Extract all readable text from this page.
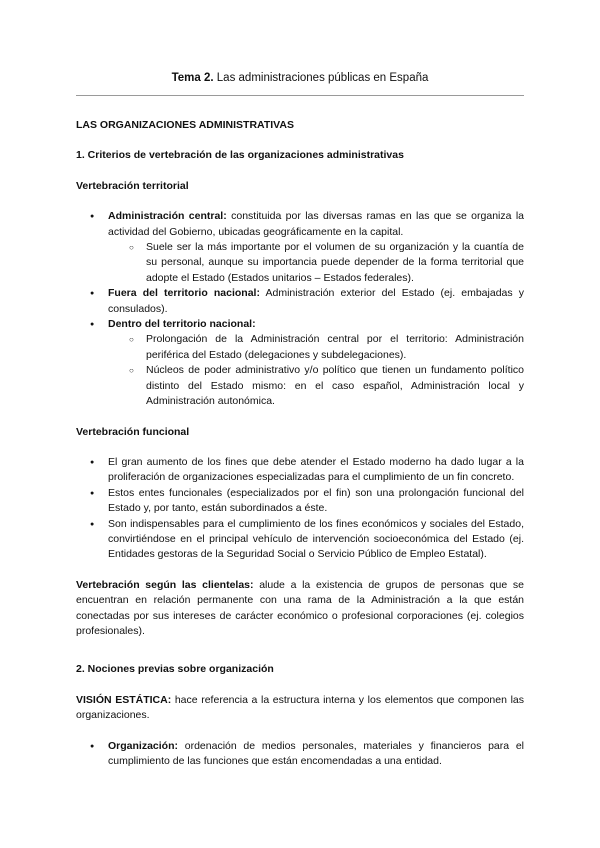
Tema 2. Las administraciones públicas en España

LAS ORGANIZACIONES ADMINISTRATIVAS

1. Criterios de vertebración de las organizaciones administrativas

Vertebración territorial

● Administración central: constituida por las diversas ramas en las que se organiza la actividad del Gobierno, ubicadas geográficamente en la capital.
○ Suele ser la más importante por el volumen de su organización y la cuantía de su personal, aunque su importancia puede depender de la forma territorial que adopte el Estado (Estados unitarios – Estados federales).
● Fuera del territorio nacional: Administración exterior del Estado (ej. embajadas y consulados).
● Dentro del territorio nacional:
○ Prolongación de la Administración central por el territorio: Administración periférica del Estado (delegaciones y subdelegaciones).
○ Núcleos de poder administrativo y/o político que tienen un fundamento político distinto del Estado mismo: en el caso español, Administración local y Administración autonómica.

Vertebración funcional

● El gran aumento de los fines que debe atender el Estado moderno ha dado lugar a la proliferación de organizaciones especializadas para el cumplimiento de un fin concreto.
● Estos entes funcionales (especializados por el fin) son una prolongación funcional del Estado y, por tanto, están subordinados a éste.
● Son indispensables para el cumplimiento de los fines económicos y sociales del Estado, convirtiéndose en el principal vehículo de intervención socioeconómica del Estado (ej. Entidades gestoras de la Seguridad Social o Servicio Público de Empleo Estatal).

Vertebración según las clientelas: alude a la existencia de grupos de personas que se encuentran en relación permanente con una rama de la Administración a la que están conectadas por sus intereses de carácter económico o profesional corporaciones (ej. colegios profesionales).

2. Nociones previas sobre organización

VISIÓN ESTÁTICA: hace referencia a la estructura interna y los elementos que componen las organizaciones.

● Organización: ordenación de medios personales, materiales y financieros para el cumplimiento de las funciones que están encomendadas a una entidad.
